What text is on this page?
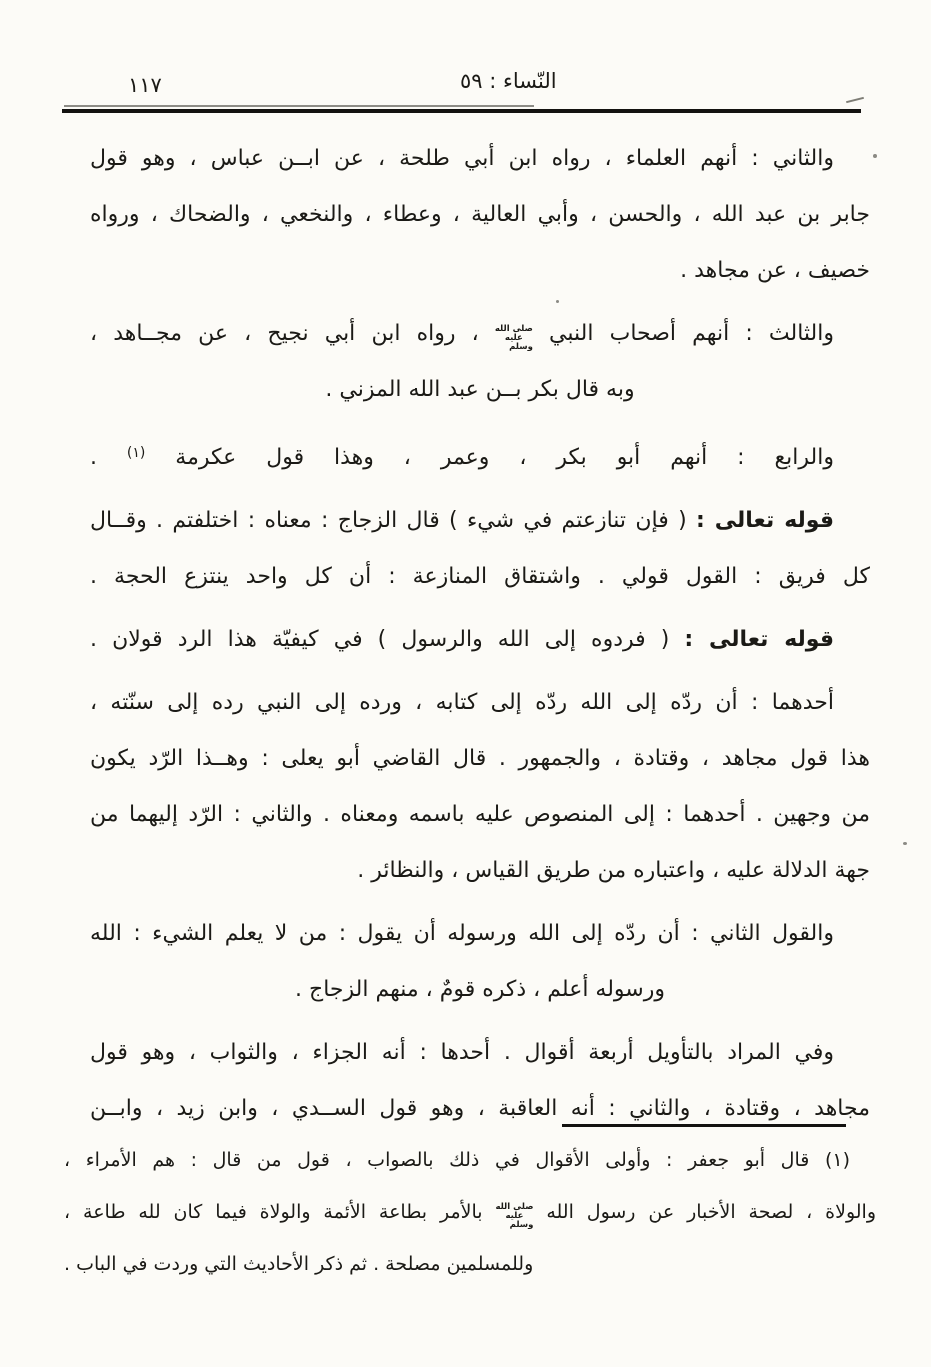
١١٧	النّساء : ٥٩
والثاني : أنهم العلماء ، رواه ابن أبي طلحة ، عن ابــن عباس ، وهو قول
جابر بن عبد الله ، والحسن ، وأبي العالية ، وعطاء ، والنخعي ، والضحاك ، ورواه
خصيف ، عن مجاهد .
والثالث : أنهم أصحاب النبي صلى الله عليه وسلم ، رواه ابن أبي نجيح ، عن مجــاهد ،
وبه قال بكر بــن عبد الله المزني .
والرابع : أنهم أبو بكر ، وعمر ، وهذا قول عكرمة $^{(١)}$ .
قوله تعالى : ( فإن تنازعتم في شيء ) قال الزجاج : معناه : اختلفتم . وقــال
كل فريق : القول قولي . واشتقاق المنازعة : أن كل واحد ينتزع الحجة .
قوله تعالى : ( فردوه إلى الله والرسول ) في كيفيّة هذا الرد قولان .
أحدهما : أن ردّه إلى الله ردّه إلى كتابه ، ورده إلى النبي رده إلى سنّته ،
هذا قول مجاهد ، وقتادة ، والجمهور . قال القاضي أبو يعلى : وهــذا الرّد يكون
من وجهين . أحدهما : إلى المنصوص عليه باسمه ومعناه . والثاني : الرّد إليهما من
جهة الدلالة عليه ، واعتباره من طريق القياس ، والنظائر .
والقول الثاني : أن ردّه إلى الله ورسوله أن يقول : من لا يعلم الشيء : الله
ورسوله أعلم ، ذكره قومٌ ، منهم الزجاج .
وفي المراد بالتأويل أربعة أقوال . أحدها : أنه الجزاء ، والثواب ، وهو قول
مجاهد ، وقتادة ، والثاني : أنه العاقبة ، وهو قول الســدي ، وابن زيد ، وابــن
(١) قال أبو جعفر : وأولى الأقوال في ذلك بالصواب ، قول من قال : هم الأمراء ،
والولاة ، لصحة الأخبار عن رسول الله صلى الله عليه وسلم بالأمر بطاعة الأئمة والولاة فيما كان لله طاعة ،
وللمسلمين مصلحة . ثم ذكر الأحاديث التي وردت في الباب .
